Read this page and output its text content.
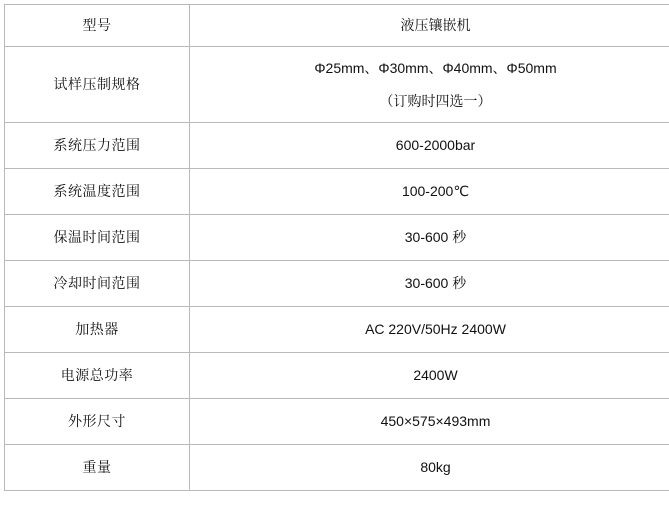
型号	液压镶嵌机

试样压制规格	Φ25mm、Φ30mm、Φ40mm、Φ50mm
（订购时四选一）

系统压力范围	600-2000bar

系统温度范围	100-200℃

保温时间范围	30-600 秒

冷却时间范围	30-600 秒

加热器	AC 220V/50Hz 2400W

电源总功率	2400W

外形尺寸	450×575×493mm

重量	80kg
